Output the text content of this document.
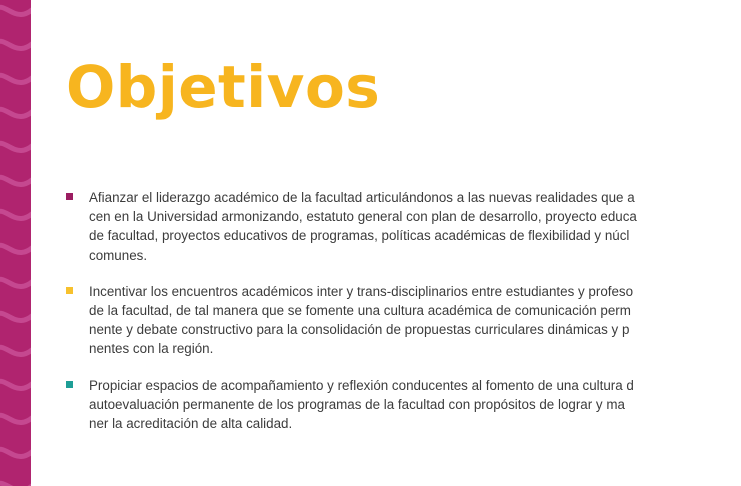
Objetivos
Afianzar el liderazgo académico de la facultad articulándonos a las nuevas realidades que a
cen en la Universidad armonizando, estatuto general con plan de desarrollo, proyecto educa
de facultad, proyectos educativos de programas, políticas académicas de flexibilidad y núcl
comunes.
Incentivar los encuentros académicos inter y trans-disciplinarios entre estudiantes y profeso
de la facultad, de tal manera que se fomente una cultura académica de comunicación perm
nente y debate constructivo para la consolidación de propuestas curriculares dinámicas y p
nentes con la región.
Propiciar espacios de acompañamiento y reflexión conducentes al fomento de una cultura d
autoevaluación permanente de los programas de la facultad con propósitos de lograr y ma
ner la acreditación de alta calidad.
